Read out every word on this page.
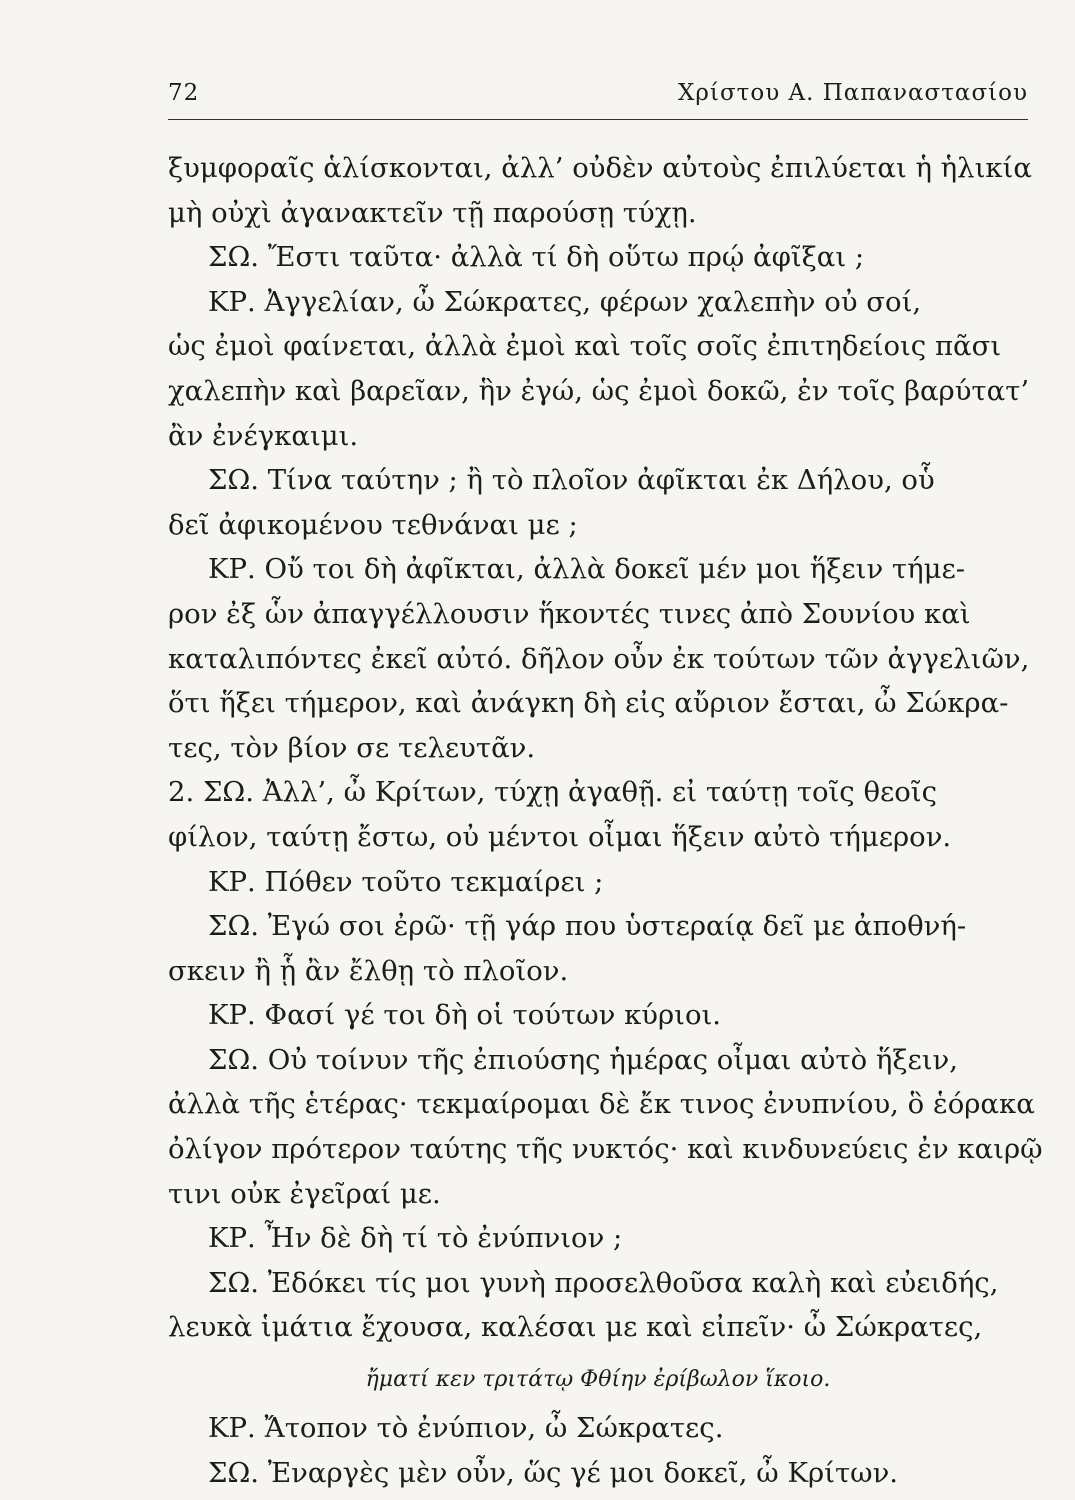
72	Χρίστου Α. Παπαναστασίου
ξυμφοραῖς ἁλίσκονται, ἀλλ’ οὐδὲν αὐτοὺς ἐπιλύεται ἡ ἡλικία
μὴ οὐχὶ ἀγανακτεῖν τῇ παρούσῃ τύχῃ.
ΣΩ. Ἔστι ταῦτα· ἀλλὰ τί δὴ οὕτω πρῴ ἀφῖξαι ;
ΚΡ. Ἀγγελίαν, ὦ Σώκρατες, φέρων χαλεπὴν οὐ σοί,
ὡς ἐμοὶ φαίνεται, ἀλλὰ ἐμοὶ καὶ τοῖς σοῖς ἐπιτηδείοις πᾶσι
χαλεπὴν καὶ βαρεῖαν, ἣν ἐγώ, ὡς ἐμοὶ δοκῶ, ἐν τοῖς βαρύτατ’
ἂν ἐνέγκαιμι.
ΣΩ. Τίνα ταύτην ; ἢ τὸ πλοῖον ἀφῖκται ἐκ Δήλου, οὗ
δεῖ ἀφικομένου τεθνάναι με ;
ΚΡ. Οὔ τοι δὴ ἀφῖκται, ἀλλὰ δοκεῖ μέν μοι ἥξειν τήμε-
ρον ἐξ ὧν ἀπαγγέλλουσιν ἥκοντές τινες ἀπὸ Σουνίου καὶ
καταλιπόντες ἐκεῖ αὐτό. δῆλον οὖν ἐκ τούτων τῶν ἀγγελιῶν,
ὅτι ἥξει τήμερον, καὶ ἀνάγκη δὴ εἰς αὔριον ἔσται, ὦ Σώκρα-
τες, τὸν βίον σε τελευτᾶν.
2. ΣΩ. Ἀλλ’, ὦ Κρίτων, τύχῃ ἀγαθῇ. εἰ ταύτῃ τοῖς θεοῖς
φίλον, ταύτῃ ἔστω, οὐ μέντοι οἶμαι ἥξειν αὐτὸ τήμερον.
ΚΡ. Πόθεν τοῦτο τεκμαίρει ;
ΣΩ. Ἐγώ σοι ἐρῶ· τῇ γάρ που ὑστεραίᾳ δεῖ με ἀποθνή-
σκειν ἢ ᾗ ἂν ἔλθῃ τὸ πλοῖον.
ΚΡ. Φασί γέ τοι δὴ οἱ τούτων κύριοι.
ΣΩ. Οὐ τοίνυν τῆς ἐπιούσης ἡμέρας οἶμαι αὐτὸ ἥξειν,
ἀλλὰ τῆς ἑτέρας· τεκμαίρομαι δὲ ἔκ τινος ἐνυπνίου, ὃ ἑόρακα
ὀλίγον πρότερον ταύτης τῆς νυκτός· καὶ κινδυνεύεις ἐν καιρῷ
τινι οὐκ ἐγεῖραί με.
ΚΡ. Ἦν δὲ δὴ τί τὸ ἐνύπνιον ;
ΣΩ. Ἐδόκει τίς μοι γυνὴ προσελθοῦσα καλὴ καὶ εὐειδής,
λευκὰ ἱμάτια ἔχουσα, καλέσαι με καὶ εἰπεῖν· ὦ Σώκρατες,
ἤματί κεν τριτάτῳ Φθίην ἐρίβωλον ἵκοιο.
ΚΡ. Ἄτοπον τὸ ἐνύπιον, ὦ Σώκρατες.
ΣΩ. Ἐναργὲς μὲν οὖν, ὥς γέ μοι δοκεῖ, ὦ Κρίτων.
